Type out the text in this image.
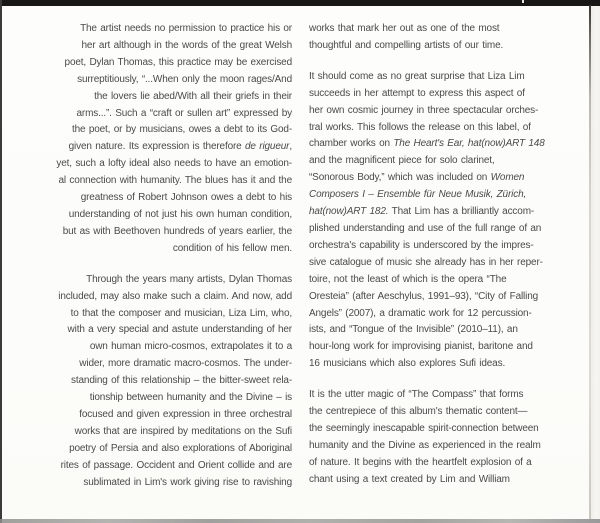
The artist needs no permission to practice his or
her art although in the words of the great Welsh
poet, Dylan Thomas, this practice may be exercised
surreptitiously, “...When only the moon rages/And
the lovers lie abed/With all their griefs in their
arms...”. Such a “craft or sullen art” expressed by
the poet, or by musicians, owes a debt to its God-
given nature. Its expression is therefore de rigueur,
yet, such a lofty ideal also needs to have an emotion-
al connection with humanity. The blues has it and the
greatness of Robert Johnson owes a debt to his
understanding of not just his own human condition,
but as with Beethoven hundreds of years earlier, the
condition of his fellow men.
Through the years many artists, Dylan Thomas
included, may also make such a claim. And now, add
to that the composer and musician, Liza Lim, who,
with a very special and astute understanding of her
own human micro-cosmos, extrapolates it to a
wider, more dramatic macro-cosmos. The under-
standing of this relationship – the bitter-sweet rela-
tionship between humanity and the Divine – is
focused and given expression in three orchestral
works that are inspired by meditations on the Sufi
poetry of Persia and also explorations of Aboriginal
rites of passage. Occident and Orient collide and are
sublimated in Lim's work giving rise to ravishing
works that mark her out as one of the most
thoughtful and compelling artists of our time.
It should come as no great surprise that Liza Lim
succeeds in her attempt to express this aspect of
her own cosmic journey in three spectacular orches-
tral works. This follows the release on this label, of
chamber works on The Heart's Ear, hat(now)ART 148
and the magnificent piece for solo clarinet,
“Sonorous Body,” which was included on Women
Composers I – Ensemble für Neue Musik, Zürich,
hat(now)ART 182. That Lim has a brilliantly accom-
plished understanding and use of the full range of an
orchestra's capability is underscored by the impres-
sive catalogue of music she already has in her reper-
toire, not the least of which is the opera “The
Oresteia” (after Aeschylus, 1991–93), “City of Falling
Angels” (2007), a dramatic work for 12 percussion-
ists, and “Tongue of the Invisible” (2010–11), an
hour-long work for improvising pianist, baritone and
16 musicians which also explores Sufi ideas.
It is the utter magic of “The Compass” that forms
the centrepiece of this album's thematic content—
the seemingly inescapable spirit-connection between
humanity and the Divine as experienced in the realm
of nature. It begins with the heartfelt explosion of a
chant using a text created by Lim and William
